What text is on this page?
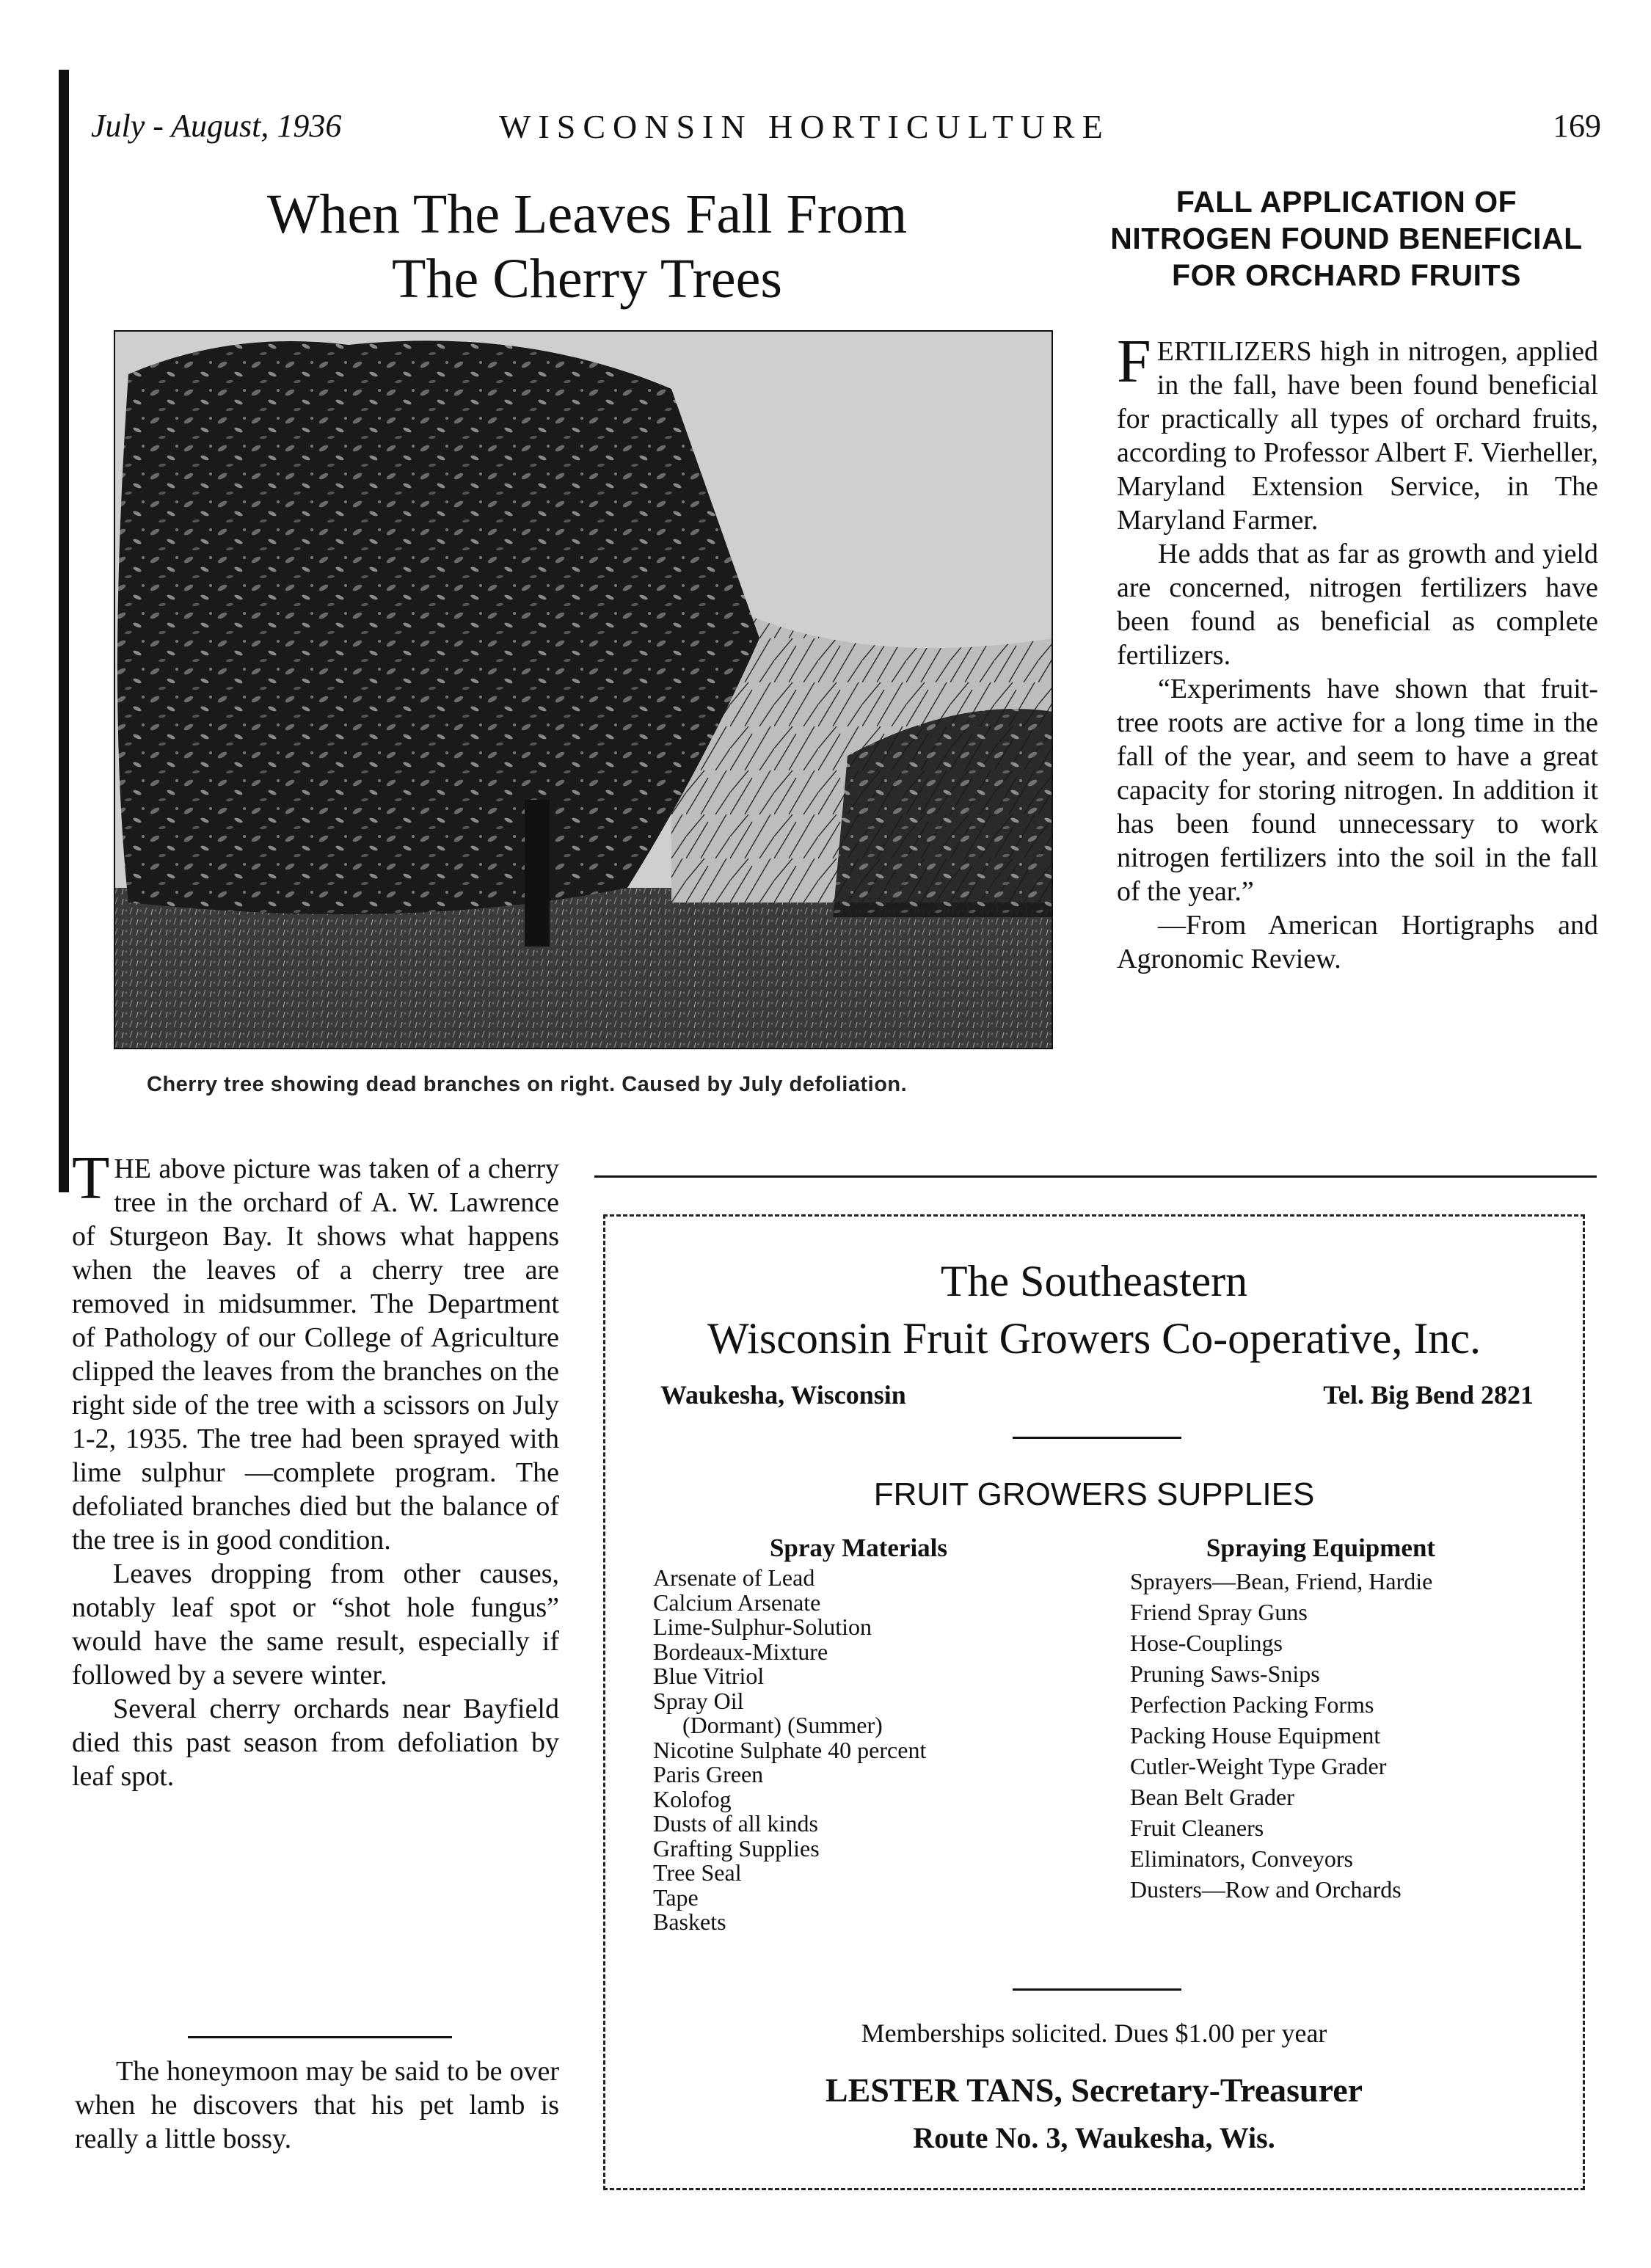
July - August, 1936	WISCONSIN HORTICULTURE	169
When The Leaves Fall From
The Cherry Trees
Cherry tree showing dead branches on right. Caused by July defoliation.

THE above picture was taken of a cherry tree in the orchard of A. W. Lawrence of Sturgeon Bay. It shows what happens when the leaves of a cherry tree are removed in midsummer. The Department of Pathology of our College of Agriculture clipped the leaves from the branches on the right side of the tree with a scissors on July 1-2, 1935. The tree had been sprayed with lime sulphur —complete program. The defoliated branches died but the balance of the tree is in good condition.

Leaves dropping from other causes, notably leaf spot or “shot hole fungus” would have the same result, especially if followed by a severe winter.

Several cherry orchards near Bayfield died this past season from defoliation by leaf spot.

The honeymoon may be said to be over when he discovers that his pet lamb is really a little bossy.

FALL APPLICATION OF NITROGEN FOUND BENEFICIAL FOR ORCHARD FRUITS

FERTILIZERS high in nitrogen, applied in the fall, have been found beneficial for practically all types of orchard fruits, according to Professor Albert F. Vierheller, Maryland Extension Service, in The Maryland Farmer.

He adds that as far as growth and yield are concerned, nitrogen fertilizers have been found as beneficial as complete fertilizers.

“Experiments have shown that fruit-tree roots are active for a long time in the fall of the year, and seem to have a great capacity for storing nitrogen. In addition it has been found unnecessary to work nitrogen fertilizers into the soil in the fall of the year.”

—From American Hortigraphs and Agronomic Review.

The Southeastern
Wisconsin Fruit Growers Co-operative, Inc.
Waukesha, Wisconsin	Tel. Big Bend 2821
FRUIT GROWERS SUPPLIES
Spray Materials
Arsenate of Lead
Calcium Arsenate
Lime-Sulphur-Solution
Bordeaux-Mixture
Blue Vitriol
Spray Oil
(Dormant) (Summer)
Nicotine Sulphate 40 percent
Paris Green
Kolofog
Dusts of all kinds
Grafting Supplies
Tree Seal
Tape
Baskets
Spraying Equipment
Sprayers—Bean, Friend, Hardie
Friend Spray Guns
Hose-Couplings
Pruning Saws-Snips
Perfection Packing Forms
Packing House Equipment
Cutler-Weight Type Grader
Bean Belt Grader
Fruit Cleaners
Eliminators, Conveyors
Dusters—Row and Orchards
Memberships solicited. Dues $1.00 per year
LESTER TANS, Secretary-Treasurer
Route No. 3, Waukesha, Wis.
